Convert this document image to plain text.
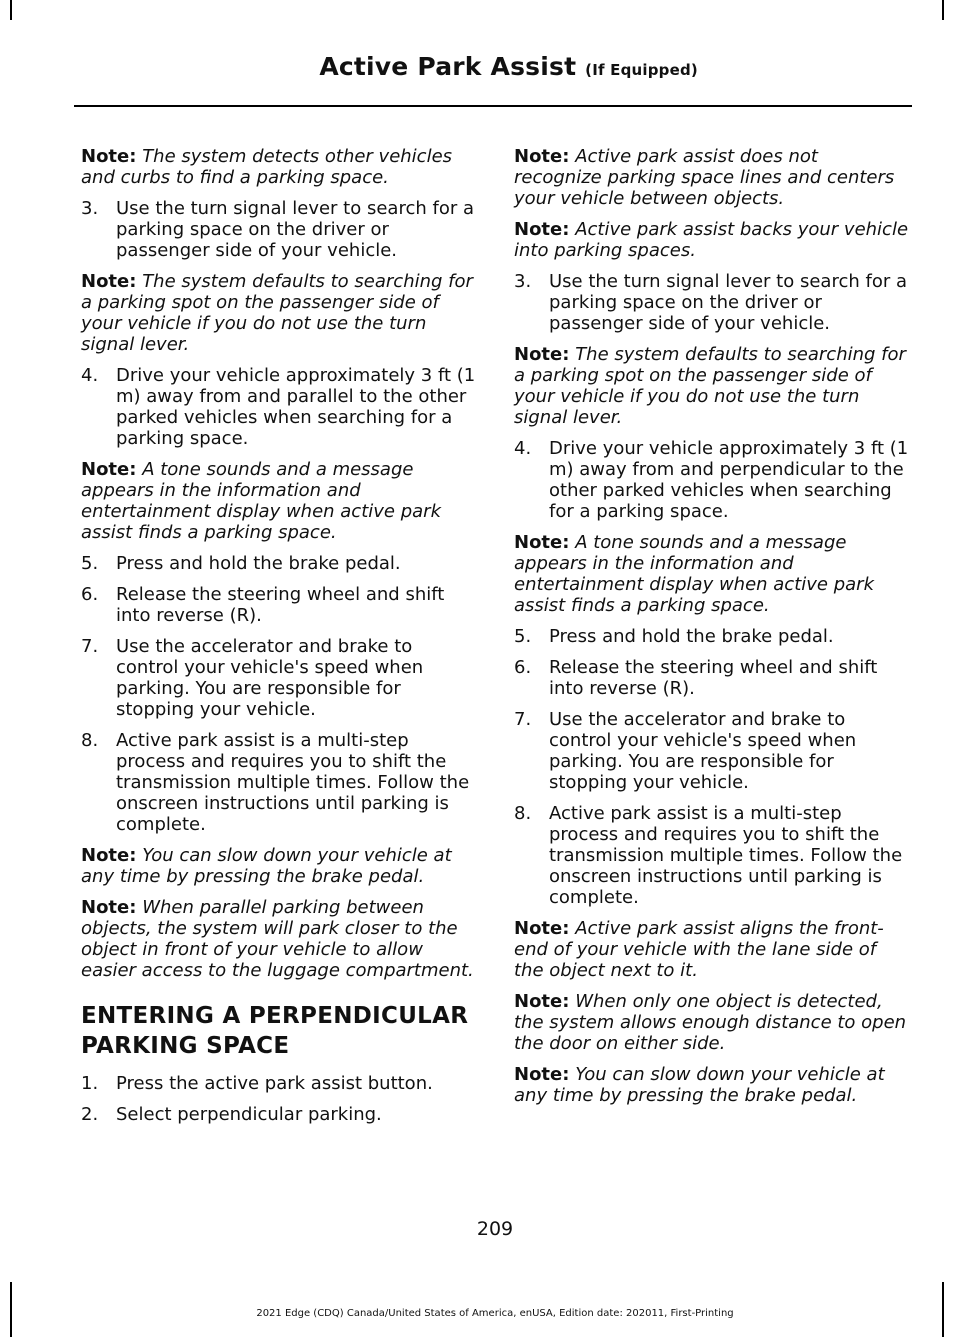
Active Park Assist (If Equipped)

Note: The system detects other vehicles and curbs to find a parking space.

3. Use the turn signal lever to search for a parking space on the driver or passenger side of your vehicle.

Note: The system defaults to searching for a parking spot on the passenger side of your vehicle if you do not use the turn signal lever.

4. Drive your vehicle approximately 3 ft (1 m) away from and parallel to the other parked vehicles when searching for a parking space.

Note: A tone sounds and a message appears in the information and entertainment display when active park assist finds a parking space.

5. Press and hold the brake pedal.
6. Release the steering wheel and shift into reverse (R).
7. Use the accelerator and brake to control your vehicle's speed when parking. You are responsible for stopping your vehicle.
8. Active park assist is a multi-step process and requires you to shift the transmission multiple times. Follow the onscreen instructions until parking is complete.

Note: You can slow down your vehicle at any time by pressing the brake pedal.

Note: When parallel parking between objects, the system will park closer to the object in front of your vehicle to allow easier access to the luggage compartment.

ENTERING A PERPENDICULAR
PARKING SPACE
1. Press the active park assist button.
2. Select perpendicular parking.

Note: Active park assist does not recognize parking space lines and centers your vehicle between objects.

Note: Active park assist backs your vehicle into parking spaces.

3. Use the turn signal lever to search for a parking space on the driver or passenger side of your vehicle.

Note: The system defaults to searching for a parking spot on the passenger side of your vehicle if you do not use the turn signal lever.

4. Drive your vehicle approximately 3 ft (1 m) away from and perpendicular to the other parked vehicles when searching for a parking space.

Note: A tone sounds and a message appears in the information and entertainment display when active park assist finds a parking space.

5. Press and hold the brake pedal.
6. Release the steering wheel and shift into reverse (R).
7. Use the accelerator and brake to control your vehicle's speed when parking. You are responsible for stopping your vehicle.
8. Active park assist is a multi-step process and requires you to shift the transmission multiple times. Follow the onscreen instructions until parking is complete.

Note: Active park assist aligns the front-end of your vehicle with the lane side of the object next to it.

Note: When only one object is detected, the system allows enough distance to open the door on either side.

Note: You can slow down your vehicle at any time by pressing the brake pedal.

209
2021 Edge (CDQ) Canada/United States of America, enUSA, Edition date: 202011, First-Printing
